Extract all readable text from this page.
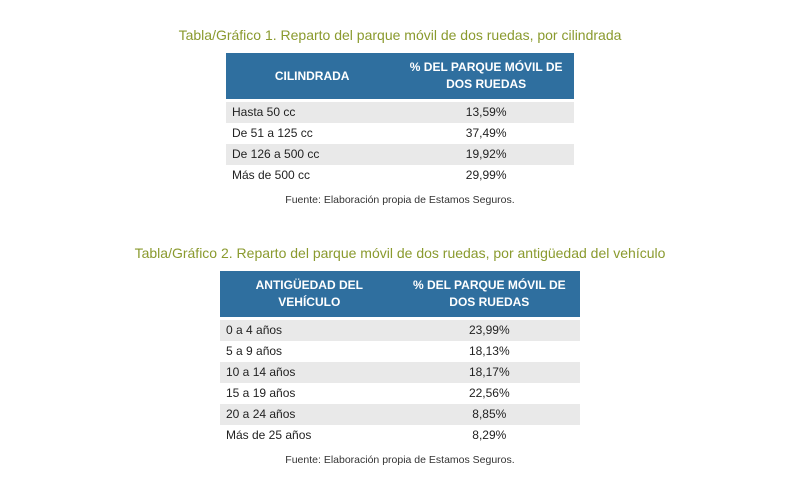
Tabla/Gráfico 1. Reparto del parque móvil de dos ruedas, por cilindrada
CILINDRADA	% DEL PARQUE MÓVIL DE DOS RUEDAS
Hasta 50 cc	13,59%
De 51 a 125 cc	37,49%
De 126 a 500 cc	19,92%
Más de 500 cc	29,99%
Fuente: Elaboración propia de Estamos Seguros.
Tabla/Gráfico 2. Reparto del parque móvil de dos ruedas, por antigüedad del vehículo
ANTIGÜEDAD DEL VEHÍCULO	% DEL PARQUE MÓVIL DE DOS RUEDAS
0 a 4 años	23,99%
5 a 9 años	18,13%
10 a 14 años	18,17%
15 a 19 años	22,56%
20 a 24 años	8,85%
Más de 25 años	8,29%
Fuente: Elaboración propia de Estamos Seguros.
